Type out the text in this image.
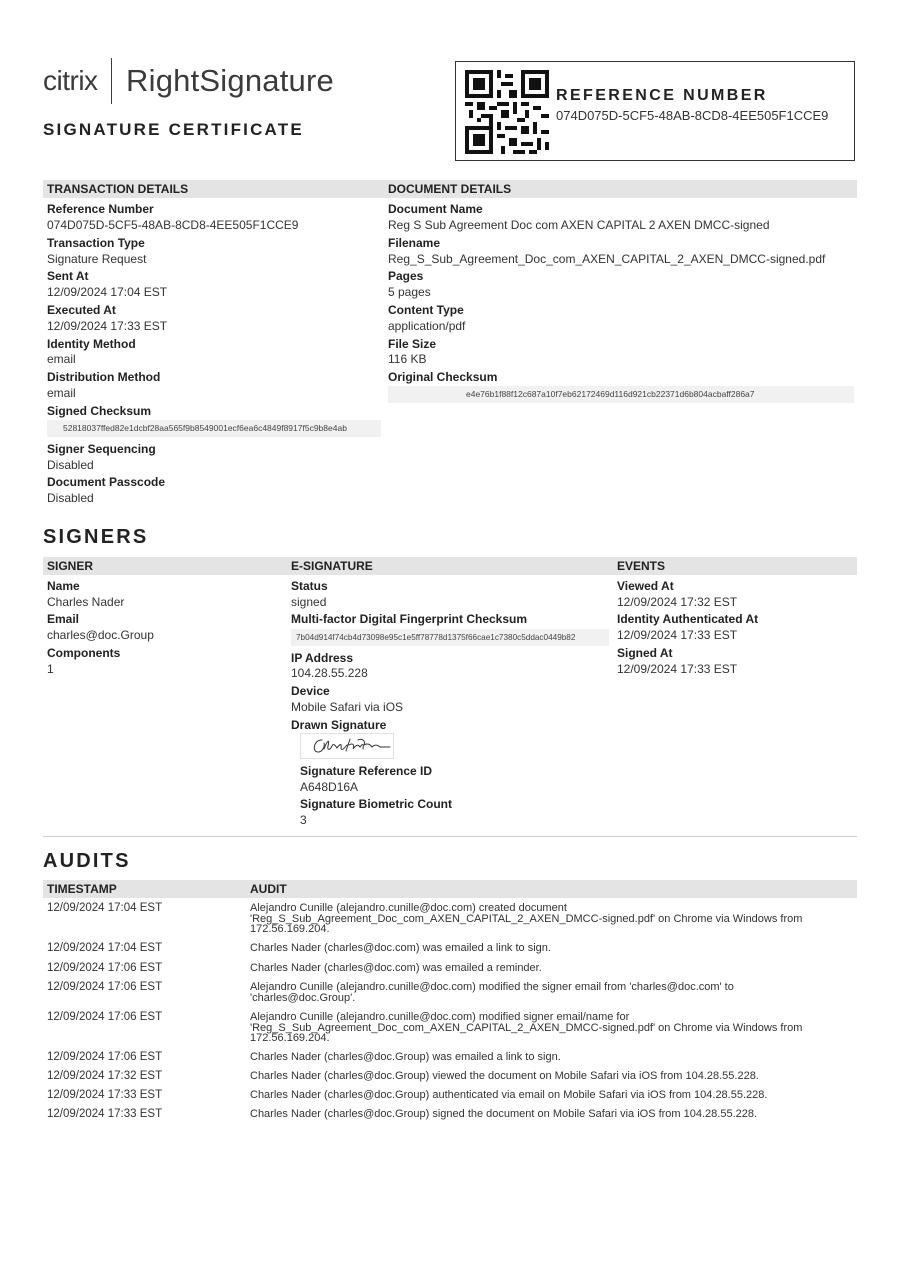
citrix RightSignature
SIGNATURE CERTIFICATE
REFERENCE NUMBER
074D075D-5CF5-48AB-8CD8-4EE505F1CCE9
TRANSACTION DETAILS	DOCUMENT DETAILS
Reference Number
074D075D-5CF5-48AB-8CD8-4EE505F1CCE9
Transaction Type
Signature Request
Sent At
12/09/2024 17:04 EST
Executed At
12/09/2024 17:33 EST
Identity Method
email
Distribution Method
email
Signed Checksum
52818037ffed82e1dcbf28aa565f9b8549001ecf6ea6c4849f8917f5c9b8e4ab
Signer Sequencing
Disabled
Document Passcode
Disabled
Document Name
Reg S Sub Agreement Doc com AXEN CAPITAL 2 AXEN DMCC-signed
Filename
Reg_S_Sub_Agreement_Doc_com_AXEN_CAPITAL_2_AXEN_DMCC-signed.pdf
Pages
5 pages
Content Type
application/pdf
File Size
116 KB
Original Checksum
e4e76b1f88f12c687a10f7eb62172469d116d921cb22371d6b804acbaff286a7
SIGNERS
SIGNER	E-SIGNATURE	EVENTS
Name
Charles Nader
Email
charles@doc.Group
Components
1
Status
signed
Multi-factor Digital Fingerprint Checksum
7b04d914f74cb4d73098e95c1e5ff78778d1375f66cae1c7380c5ddac0449b82
IP Address
104.28.55.228
Device
Mobile Safari via iOS
Drawn Signature
Signature Reference ID
A648D16A
Signature Biometric Count
3
Viewed At
12/09/2024 17:32 EST
Identity Authenticated At
12/09/2024 17:33 EST
Signed At
12/09/2024 17:33 EST
AUDITS
TIMESTAMP	AUDIT
12/09/2024 17:04 EST	Alejandro Cunille (alejandro.cunille@doc.com) created document
'Reg_S_Sub_Agreement_Doc_com_AXEN_CAPITAL_2_AXEN_DMCC-signed.pdf' on Chrome via Windows from
172.56.169.204.
12/09/2024 17:04 EST	Charles Nader (charles@doc.com) was emailed a link to sign.
12/09/2024 17:06 EST	Charles Nader (charles@doc.com) was emailed a reminder.
12/09/2024 17:06 EST	Alejandro Cunille (alejandro.cunille@doc.com) modified the signer email from 'charles@doc.com' to
'charles@doc.Group'.
12/09/2024 17:06 EST	Alejandro Cunille (alejandro.cunille@doc.com) modified signer email/name for
'Reg_S_Sub_Agreement_Doc_com_AXEN_CAPITAL_2_AXEN_DMCC-signed.pdf' on Chrome via Windows from
172.56.169.204.
12/09/2024 17:06 EST	Charles Nader (charles@doc.Group) was emailed a link to sign.
12/09/2024 17:32 EST	Charles Nader (charles@doc.Group) viewed the document on Mobile Safari via iOS from 104.28.55.228.
12/09/2024 17:33 EST	Charles Nader (charles@doc.Group) authenticated via email on Mobile Safari via iOS from 104.28.55.228.
12/09/2024 17:33 EST	Charles Nader (charles@doc.Group) signed the document on Mobile Safari via iOS from 104.28.55.228.
